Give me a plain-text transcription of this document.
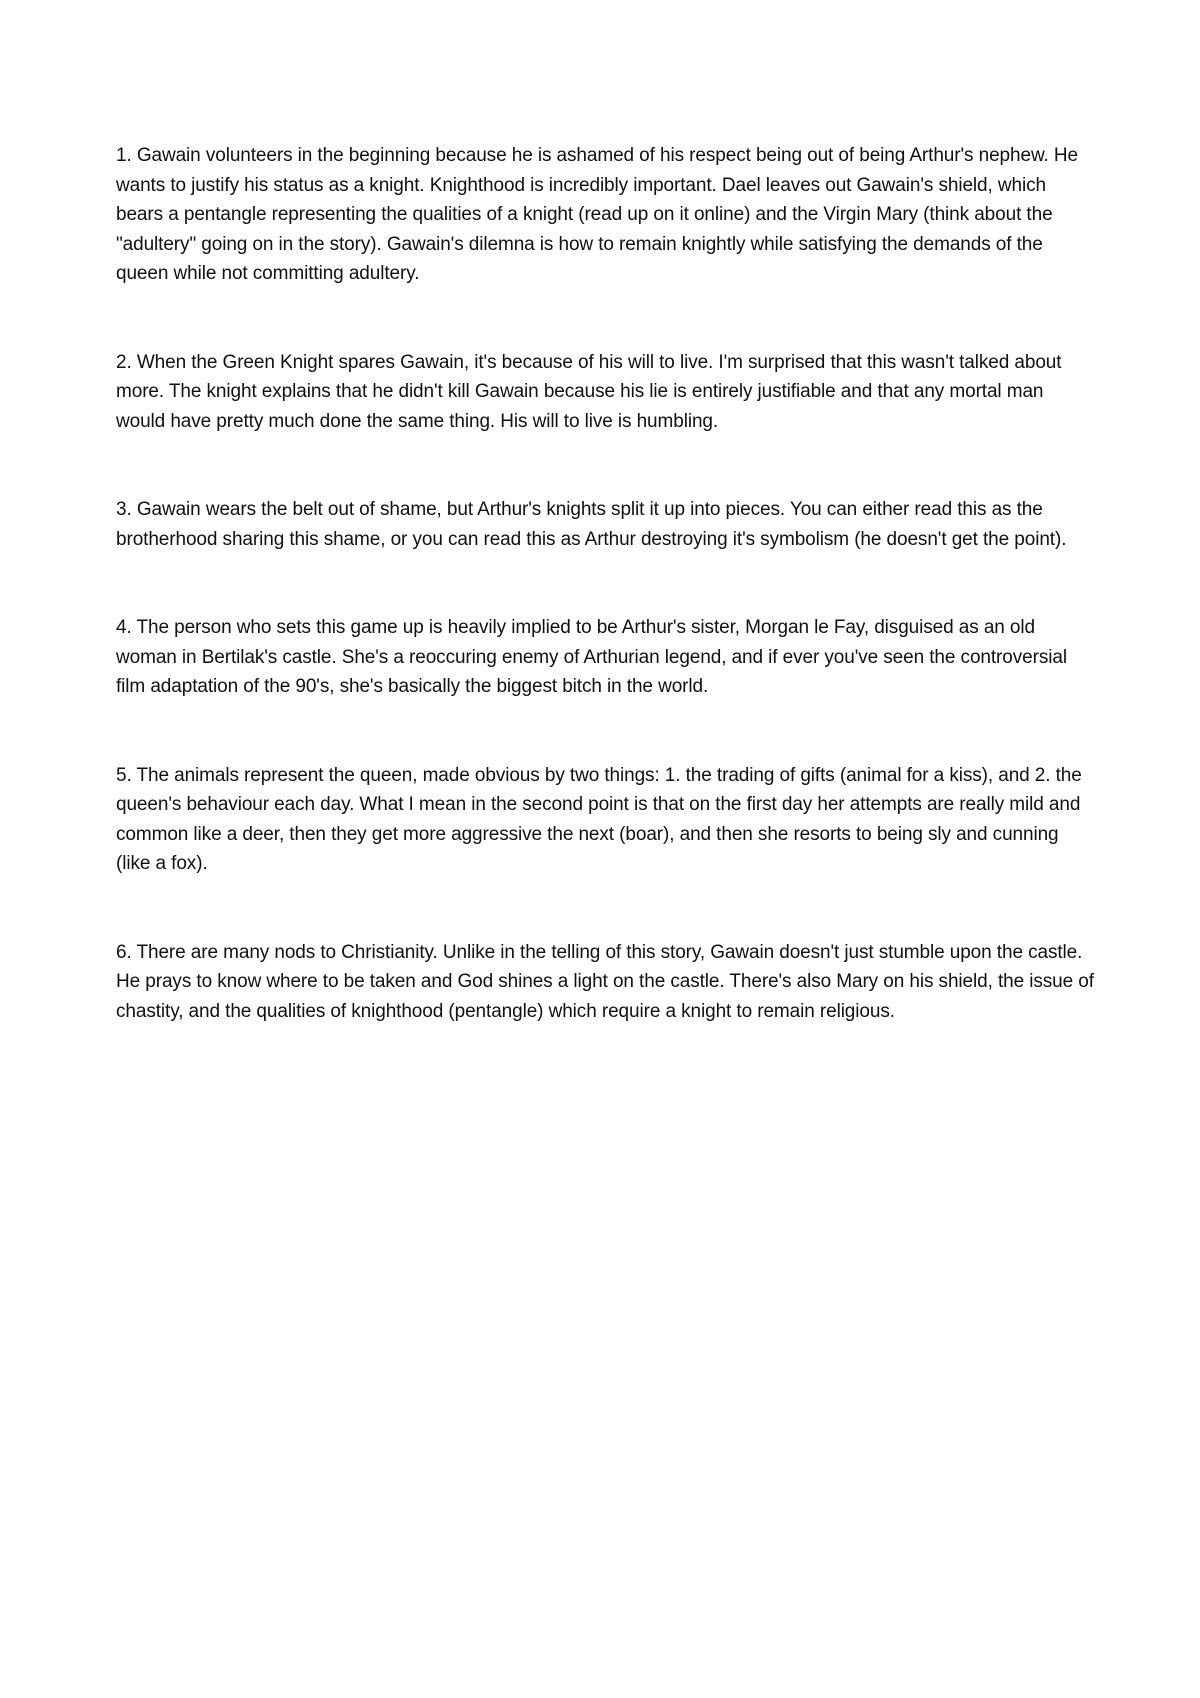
1. Gawain volunteers in the beginning because he is ashamed of his respect being out of being Arthur's nephew. He wants to justify his status as a knight. Knighthood is incredibly important. Dael leaves out Gawain's shield, which bears a pentangle representing the qualities of a knight (read up on it online) and the Virgin Mary (think about the "adultery" going on in the story). Gawain's dilemna is how to remain knightly while satisfying the demands of the queen while not committing adultery.

2. When the Green Knight spares Gawain, it's because of his will to live. I'm surprised that this wasn't talked about more. The knight explains that he didn't kill Gawain because his lie is entirely justifiable and that any mortal man would have pretty much done the same thing. His will to live is humbling.

3. Gawain wears the belt out of shame, but Arthur's knights split it up into pieces. You can either read this as the brotherhood sharing this shame, or you can read this as Arthur destroying it's symbolism (he doesn't get the point).

4. The person who sets this game up is heavily implied to be Arthur's sister, Morgan le Fay, disguised as an old woman in Bertilak's castle. She's a reoccuring enemy of Arthurian legend, and if ever you've seen the controversial film adaptation of the 90's, she's basically the biggest bitch in the world.

5. The animals represent the queen, made obvious by two things: 1. the trading of gifts (animal for a kiss), and 2. the queen's behaviour each day. What I mean in the second point is that on the first day her attempts are really mild and common like a deer, then they get more aggressive the next (boar), and then she resorts to being sly and cunning (like a fox).

6. There are many nods to Christianity. Unlike in the telling of this story, Gawain doesn't just stumble upon the castle. He prays to know where to be taken and God shines a light on the castle. There's also Mary on his shield, the issue of chastity, and the qualities of knighthood (pentangle) which require a knight to remain religious.
